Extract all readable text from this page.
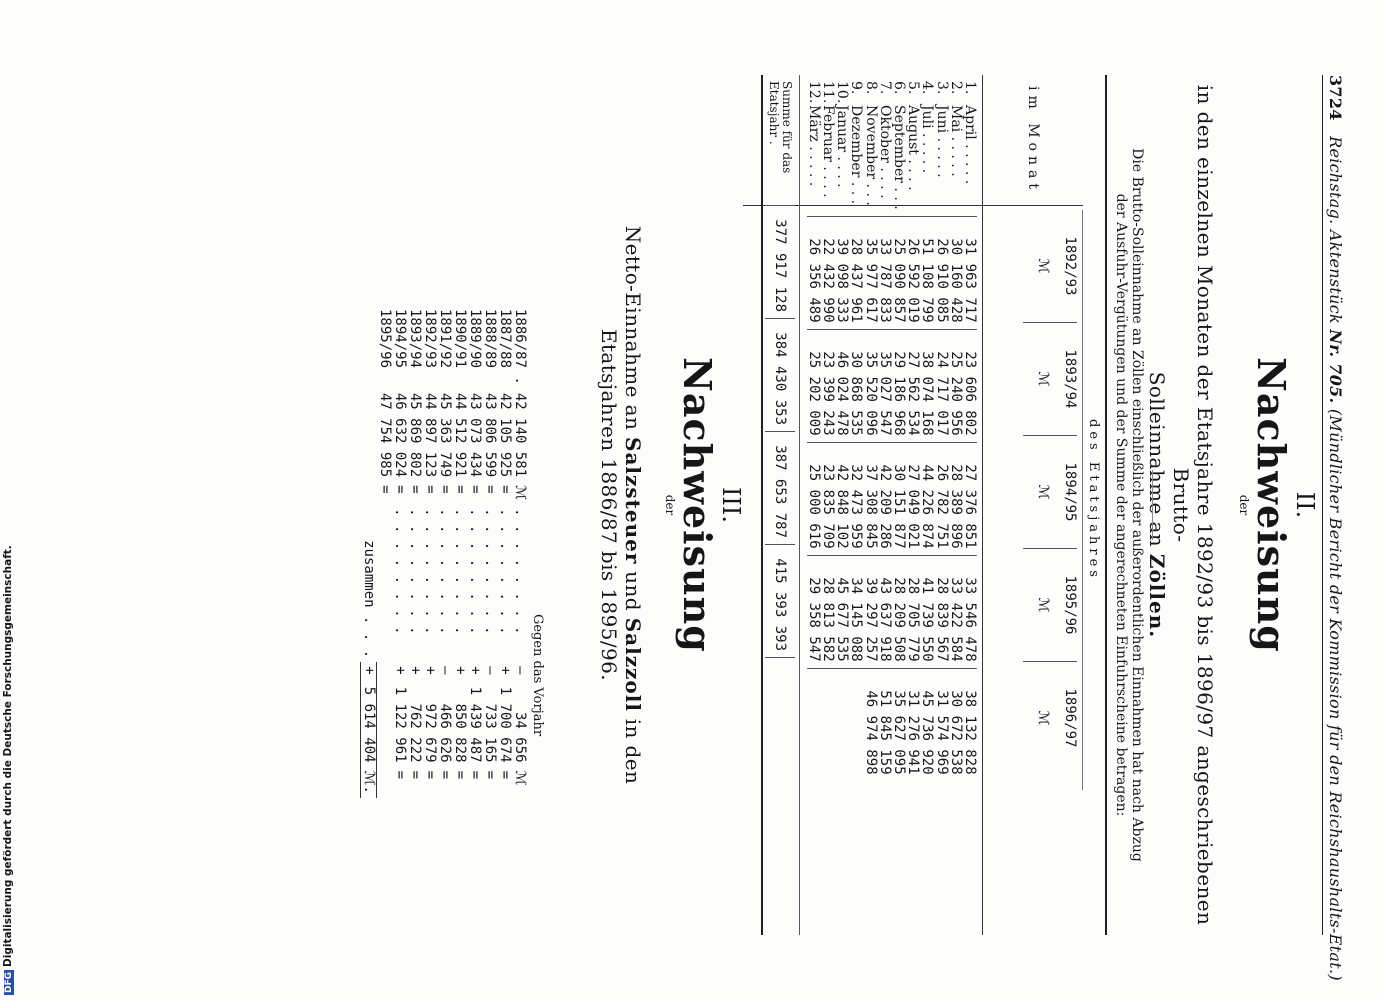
3724 Reichstag. Aktenstück Nr. 705. (Mündlicher Bericht der Kommission für den Reichshaushalts-Etat.)
II.
Nachweisung
der
in den einzelnen Monaten der Etatsjahre 1892/93 bis 1896/97 angeschriebenen Brutto-
Solleinnahme an Zöllen.
Die Brutto-Solleinnahme an Zöllen einschließlich der außerordentlichen Einnahmen hat nach Abzug
der Ausfuhr-Vergütungen und der Summe der angerechneten Einfuhrscheine betragen:
des Etatsjahres
im Monat
1892/93	1893/94	1894/95	1895/96	1896/97
ℳ	ℳ	ℳ	ℳ	ℳ
1.April . . . . .	31 963 717	23 606 802	27 376 851	33 546 478	38 132 828
2.Mai . . . . .	30 160 428	25 240 956	28 389 896	33 422 584	30 672 538
3.Juni . . . . .	26 910 085	24 717 017	26 782 751	28 839 567	31 574 969
4.Juli . . . . .	51 108 799	38 074 168	44 226 874	41 739 550	45 736 920
5.August . . . .	26 592 019	27 562 534	27 049 021	28 705 779	31 276 941
6.September . . .	25 090 857	29 186 968	30 151 877	28 209 508	35 627 095
7.Oktober . . . .	33 787 833	35 027 547	42 209 286	43 637 918	51 845 159
8.November . . .	35 977 617	35 520 096	37 308 845	39 297 257	46 974 898
9.Dezember . . .	28 437 961	30 868 535	32 473 959	34 145 088	
10.Januar . . . .	39 098 333	46 024 478	42 848 102	45 677 535	
11.Februar . . . .	22 432 990	23 399 243	23 835 709	28 813 582	
12.März . . . . .	26 356 489	25 202 009	25 000 616	29 358 547	
Summe für das
Etatsjahr .
	377 917 128	384 430 353	387 653 787	415 393 393	
III.
Nachweisung
der
Netto-Einnahme an Salzsteuer und Salzzoll in den
Etatsjahren 1886/87 bis 1895/96.
Gegen das Vorjahr
1886/87 .	42 140 581	ℳ	. . . . . . . .	—	34 656	ℳ
1887/88	42 105 925	=	. . . . . . . .	+	1 700 674	=
1888/89	43 806 599	=	. . . . . . . .	—	733 165	=
1889/90	43 073 434	=	. . . . . . . .	+	1 439 487	=
1890/91	44 512 921	=	. . . . . . . .	+	850 828	=
1891/92	45 363 749	=	. . . . . . . .	—	466 626	=
1892/93	44 897 123	=	. . . . . . . .	+	972 679	=
1893/94	45 869 802	=	. . . . . . . .	+	762 222	=
1894/95	46 632 024	=	. . . . . . . .	+	1 122 961	=
1895/96	47 754 985	=				
			zusammen . . .	+	5 614 404	ℳ.
DFGDigitalisierung gefördert durch die Deutsche Forschungsgemeinschaft.
